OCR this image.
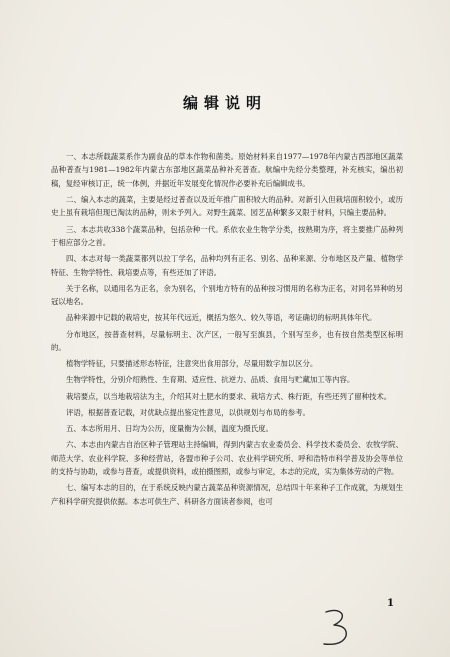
编辑说明

一、本志所载蔬菜系作为副食品的草本作物和菌类。原始材料来自1977—1978年内蒙古西部地区蔬菜品种普查与1981—1982年内蒙古东部地区蔬菜品种补充普查。航编中先经分类整理，补充核实，编出初稿，复经审核订正，统一体例，并据近年发展变化情况作必要补充后编辑成书。

二、编入本志的蔬菜，主要是经过普查以及近年推广面积较大的品种。对新引入但栽培面积较小，或历史上虽有栽培但现已淘汰的品种，则未予列入。对野生蔬菜、园艺品种繁多又限于材料，只编主要品种。

三、本志共收338个蔬菜品种，包括杂种一代。系依农业生物学分类，按熟期为序，将主要推广品种列于相应部分之首。

四、本志对每一类蔬菜都列以拉丁学名，品种均列有正名、别名、品种来源、分布地区及产量、植物学特征、生物学特性、栽培要点等，有些还加了评语。

关于名称，以通用名为正名，余为别名，个别地方特有的品种按习惯用的名称为正名，对同名异种的另冠以地名。

品种来源中记载的栽培史，按其年代远近，概括为悠久、较久等语，考证确切的标明具体年代。

分布地区，按普查材料，尽量标明主、次产区，一般写至旗县，个别写至乡，也有按自然类型区标明的。

植物学特征，只要描述形态特征，注意突出食用部分，尽量用数字加以区分。

生物学特性，分别介绍熟性、生育期、适应性、抗逆力、品质、食用与贮藏加工等内容。

栽培要点，以当地栽培法为主，介绍其对土肥水的要求、栽培方式、株行距，有些还列了留种技术。

评语，根据普查记载，对优缺点提出鉴定性意见，以供规划与布局的参考。

五、本志所用月、日均为公历，度量衡为公制，温度为摄氏度。

六、本志由内蒙古自治区种子管理站主持编辑，得到内蒙古农业委员会、科学技术委员会、农牧学院、师范大学、农业科学院、多种经营站，各盟市种子公司、农业科学研究所、呼和浩特市科学普及协会等单位的支持与协助，或参与普查，或提供资料，或拍摄图照，或参与审定，本志的完成，实为集体劳动的产物。

七、编写本志的目的，在于系统反映内蒙古蔬菜品种资源情况，总结四十年来种子工作成就，为规划生产和科学研究提供依据。本志可供生产、科研各方面读者参阅，也可

1
